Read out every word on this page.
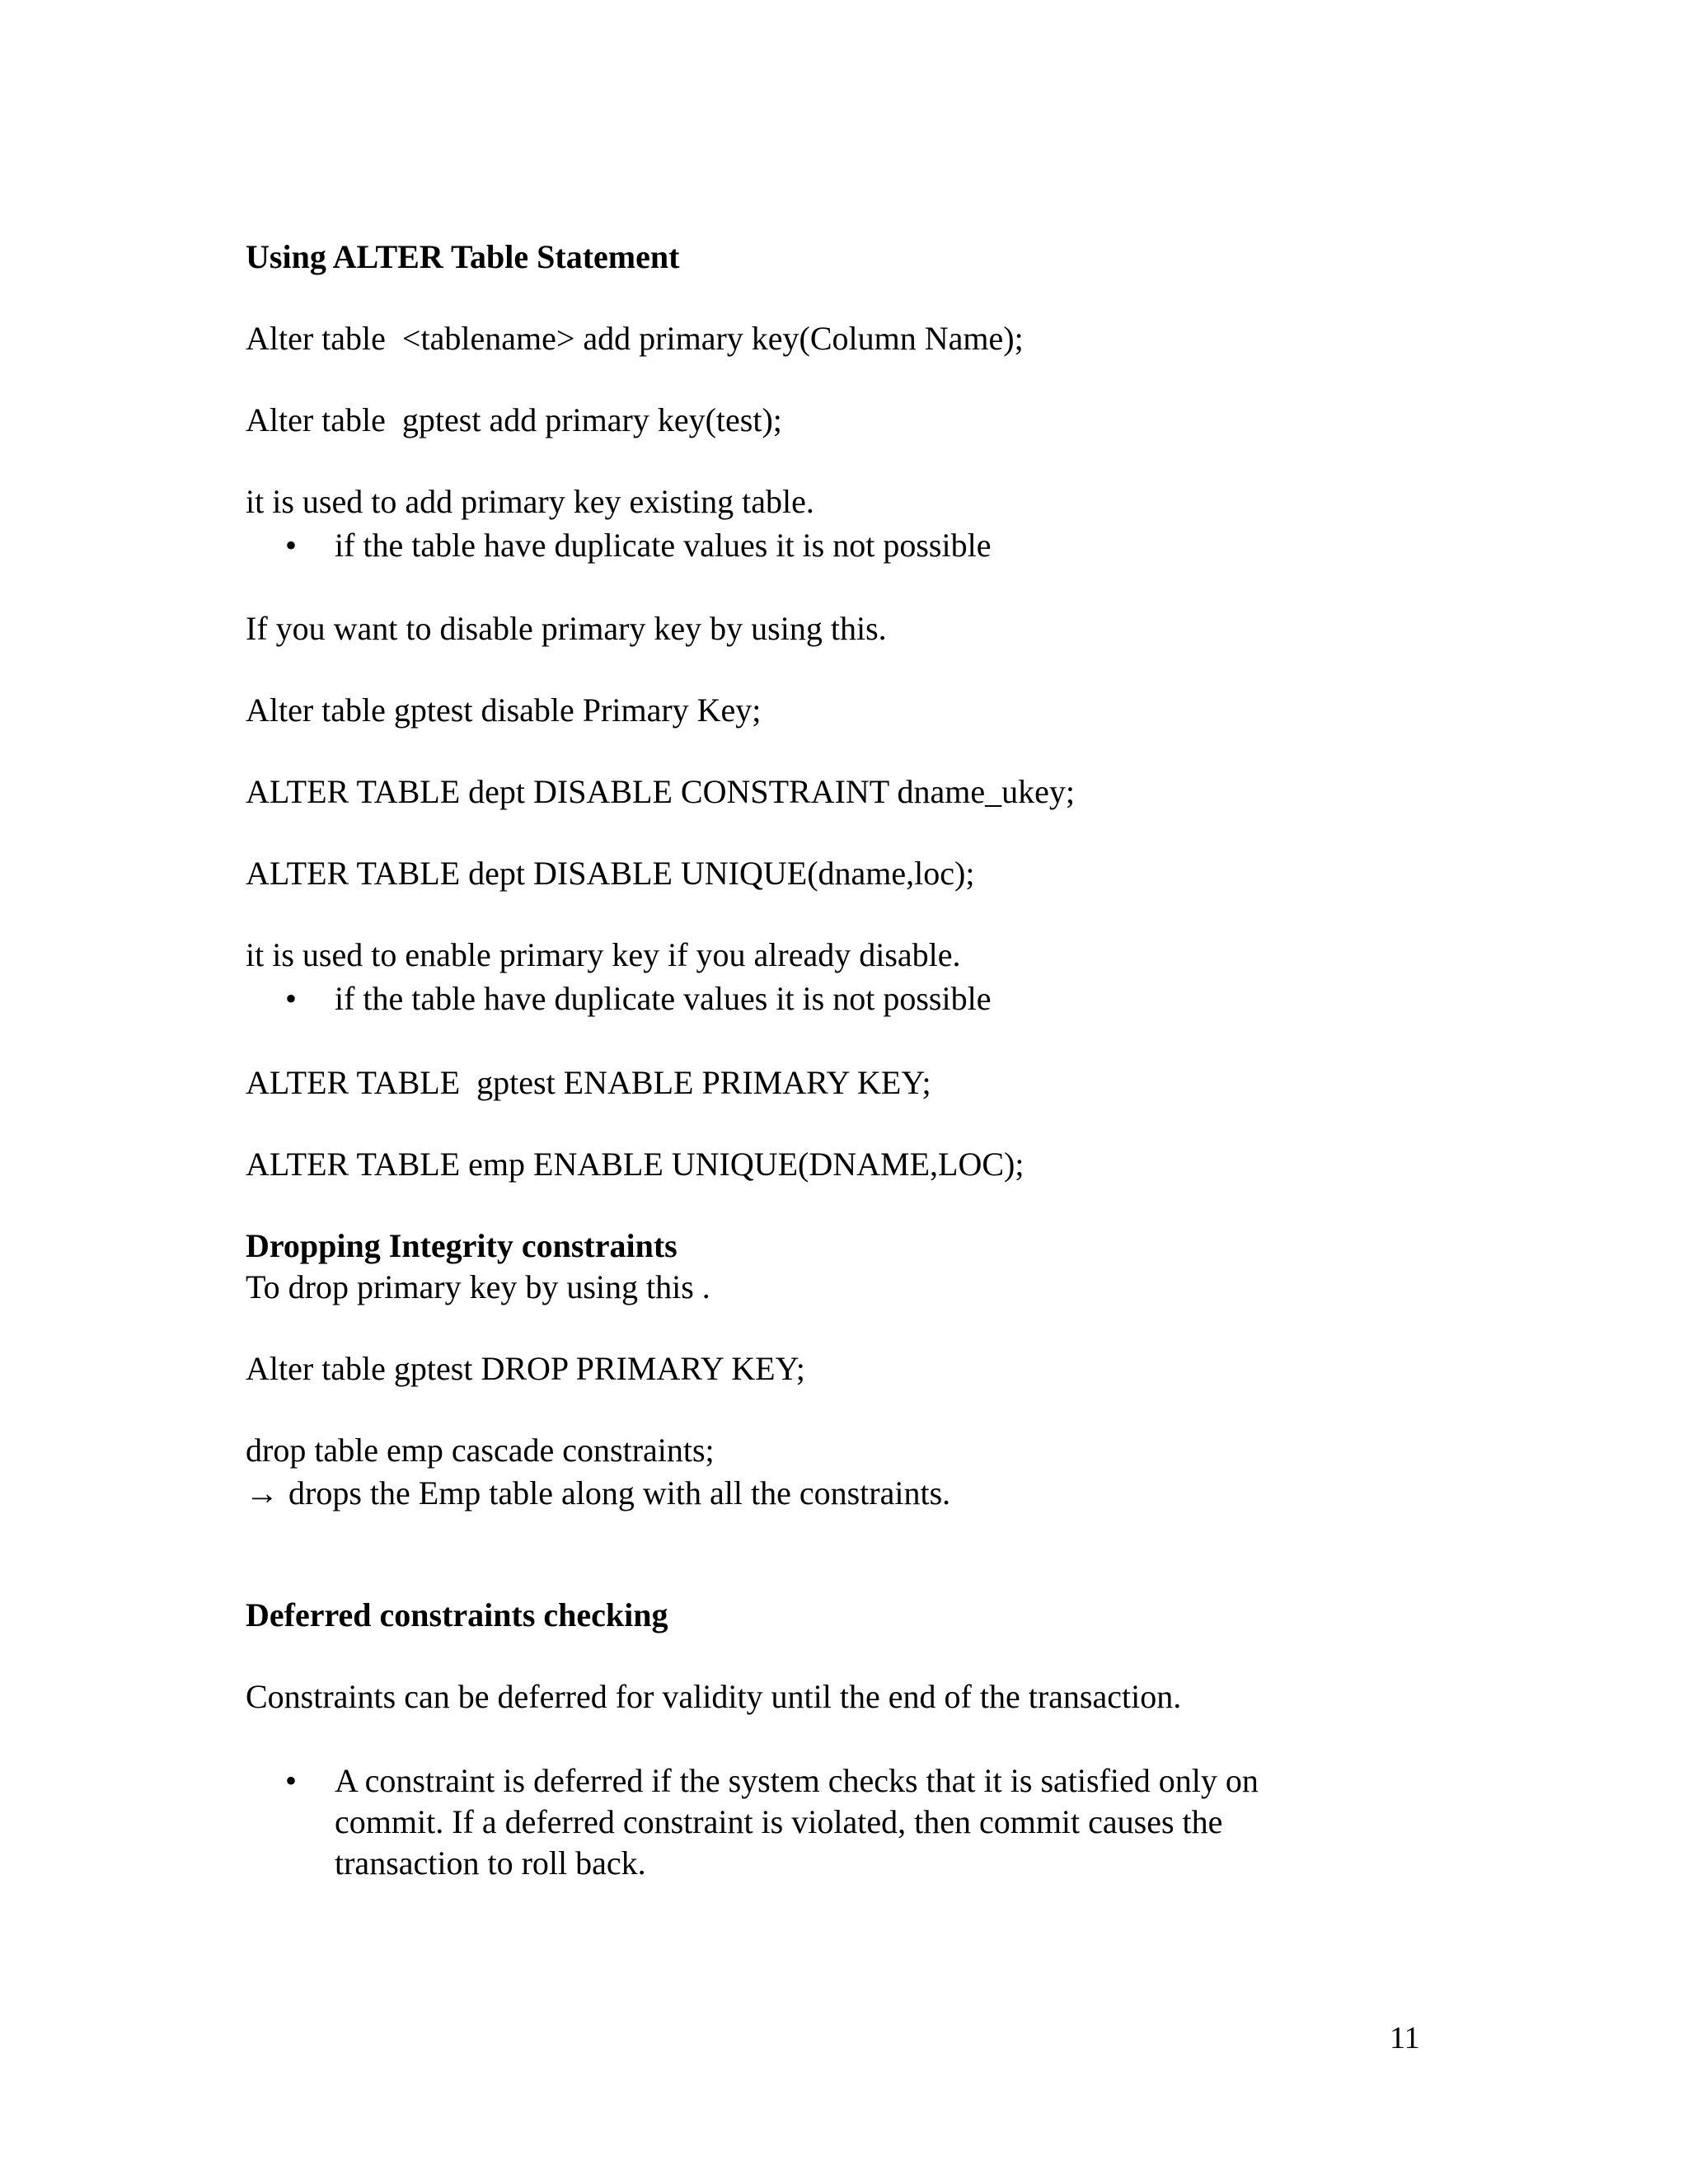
Using ALTER Table Statement

Alter table  <tablename> add primary key(Column Name);

Alter table  gptest add primary key(test);

it is used to add primary key existing table.

• if the table have duplicate values it is not possible

If you want to disable primary key by using this.

Alter table gptest disable Primary Key;

ALTER TABLE dept DISABLE CONSTRAINT dname_ukey;

ALTER TABLE dept DISABLE UNIQUE(dname,loc);

it is used to enable primary key if you already disable.

• if the table have duplicate values it is not possible

ALTER TABLE  gptest ENABLE PRIMARY KEY;

ALTER TABLE emp ENABLE UNIQUE(DNAME,LOC);

Dropping Integrity constraints

To drop primary key by using this .

Alter table gptest DROP PRIMARY KEY;

drop table emp cascade constraints;

→ drops the Emp table along with all the constraints.

Deferred constraints checking

Constraints can be deferred for validity until the end of the transaction.

• A constraint is deferred if the system checks that it is satisfied only on

commit. If a deferred constraint is violated, then commit causes the

transaction to roll back.

11
